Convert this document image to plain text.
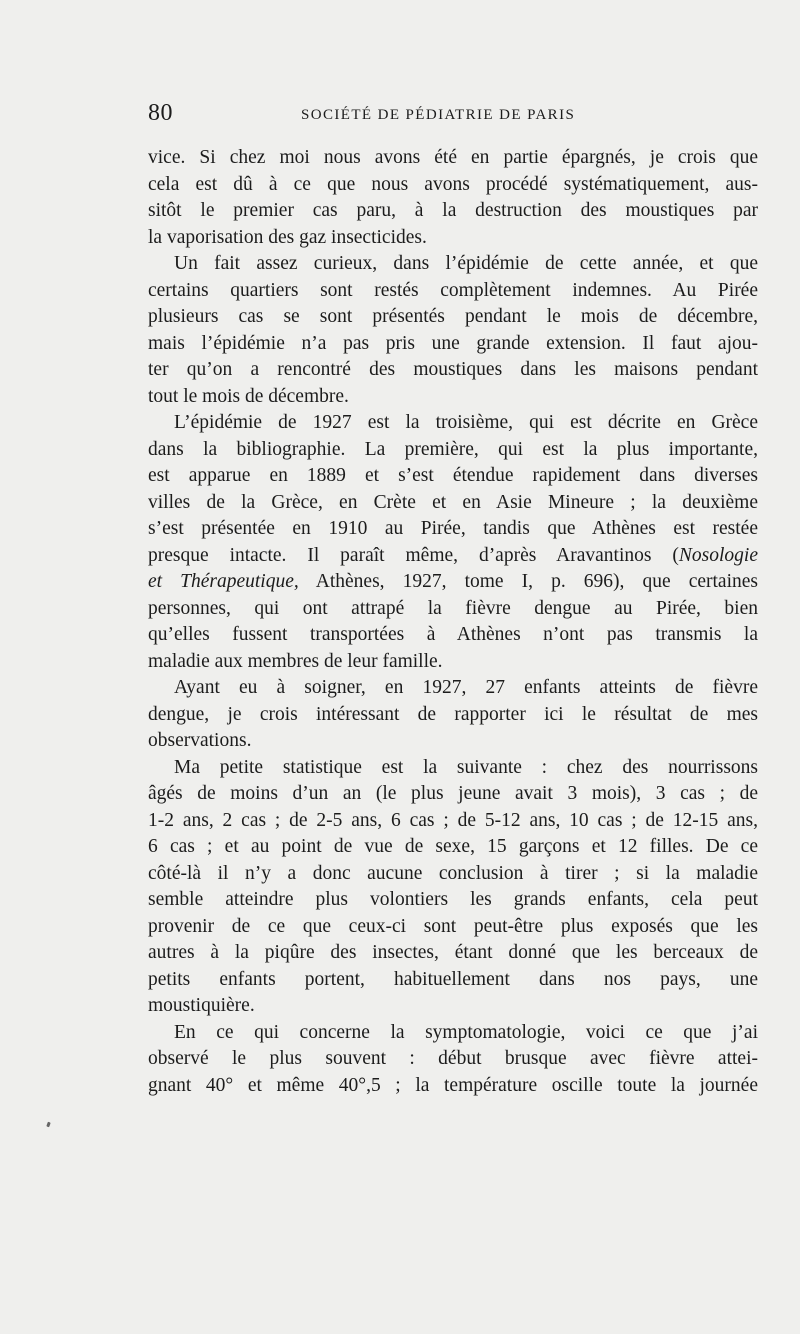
80	SOCIÉTÉ DE PÉDIATRIE DE PARIS
vice. Si chez moi nous avons été en partie épargnés, je crois que
cela est dû à ce que nous avons procédé systématiquement, aus-
sitôt le premier cas paru, à la destruction des moustiques par
la vaporisation des gaz insecticides.
Un fait assez curieux, dans l’épidémie de cette année, et que
certains quartiers sont restés complètement indemnes. Au Pirée
plusieurs cas se sont présentés pendant le mois de décembre,
mais l’épidémie n’a pas pris une grande extension. Il faut ajou-
ter qu’on a rencontré des moustiques dans les maisons pendant
tout le mois de décembre.
L’épidémie de 1927 est la troisième, qui est décrite en Grèce
dans la bibliographie. La première, qui est la plus importante,
est apparue en 1889 et s’est étendue rapidement dans diverses
villes de la Grèce, en Crète et en Asie Mineure ; la deuxième
s’est présentée en 1910 au Pirée, tandis que Athènes est restée
presque intacte. Il paraît même, d’après Aravantinos (Nosologie
et Thérapeutique, Athènes, 1927, tome I, p. 696), que certaines
personnes, qui ont attrapé la fièvre dengue au Pirée, bien
qu’elles fussent transportées à Athènes n’ont pas transmis la
maladie aux membres de leur famille.
Ayant eu à soigner, en 1927, 27 enfants atteints de fièvre
dengue, je crois intéressant de rapporter ici le résultat de mes
observations.
Ma petite statistique est la suivante : chez des nourrissons
âgés de moins d’un an (le plus jeune avait 3 mois), 3 cas ; de
1-2 ans, 2 cas ; de 2-5 ans, 6 cas ; de 5-12 ans, 10 cas ; de 12-15 ans,
6 cas ; et au point de vue de sexe, 15 garçons et 12 filles. De ce
côté-là il n’y a donc aucune conclusion à tirer ; si la maladie
semble atteindre plus volontiers les grands enfants, cela peut
provenir de ce que ceux-ci sont peut-être plus exposés que les
autres à la piqûre des insectes, étant donné que les berceaux de
petits enfants portent, habituellement dans nos pays, une
moustiquière.
En ce qui concerne la symptomatologie, voici ce que j’ai
observé le plus souvent : début brusque avec fièvre attei-
gnant 40° et même 40°,5 ; la température oscille toute la journée
